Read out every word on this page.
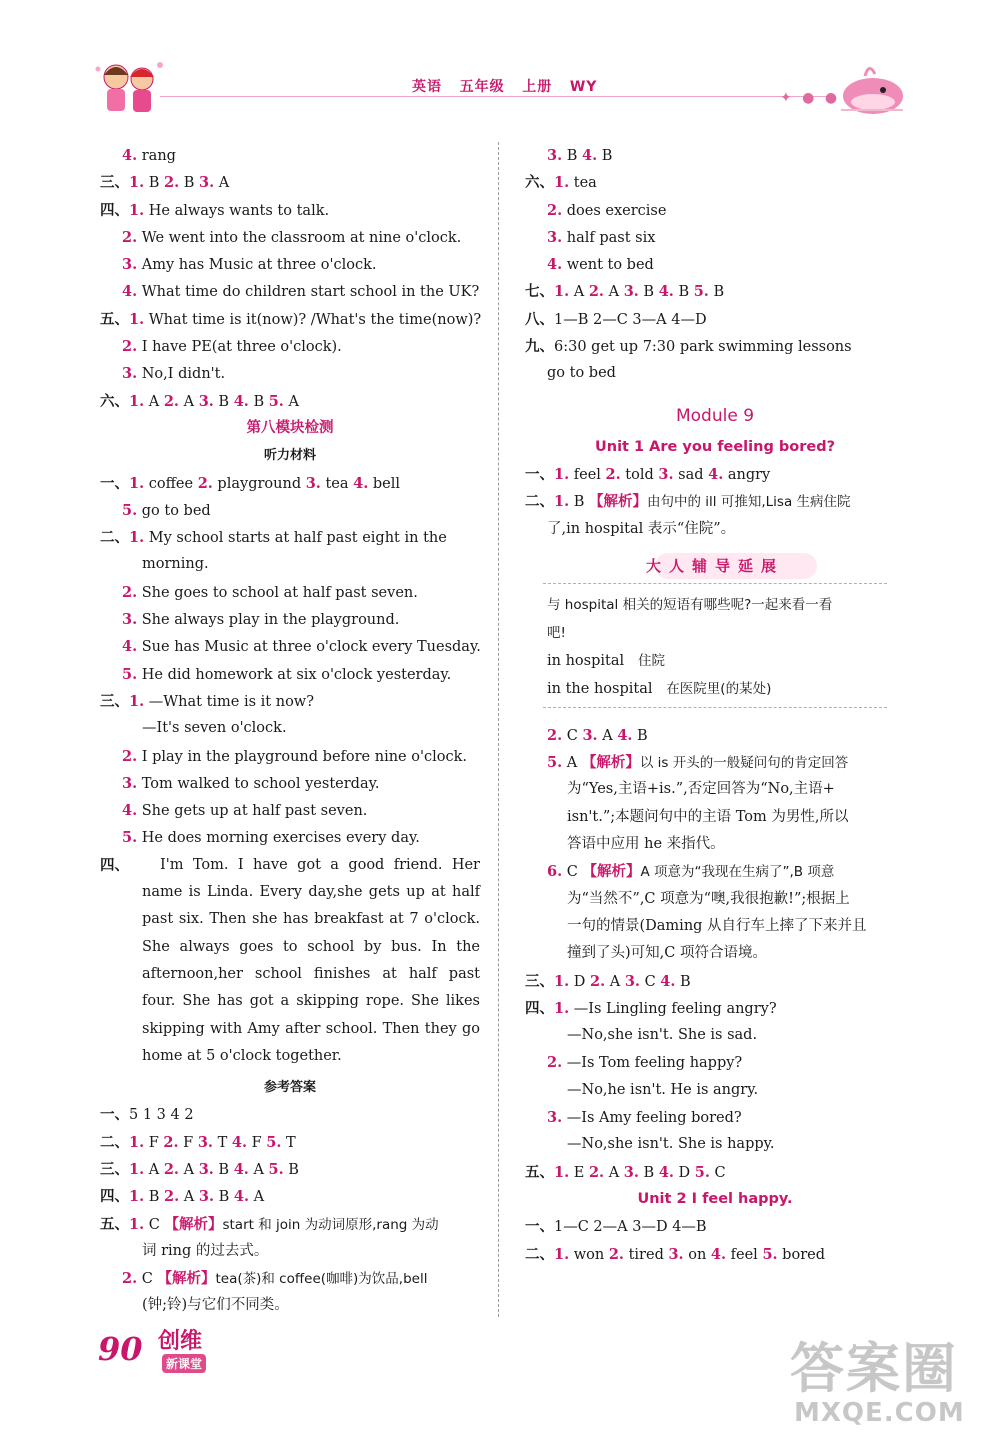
英语   五年级   上册   WY
✦ ● ●
4. rang
三、1. B 2. B 3. A
四、1. He always wants to talk.
2. We went into the classroom at nine o'clock.
3. Amy has Music at three o'clock.
4. What time do children start school in the UK?
五、1. What time is it(now)? /What's the time(now)?
2. I have PE(at three o'clock).
3. No,I didn't.
六、1. A 2. A 3. B 4. B 5. A
第八模块检测
听力材料
一、1. coffee 2. playground 3. tea 4. bell
5. go to bed
二、1. My school starts at half past eight in the
morning.
2. She goes to school at half past seven.
3. She always play in the playground.
4. Sue has Music at three o'clock every Tuesday.
5. He did homework at six o'clock yesterday.
三、1. —What time is it now?
—It's seven o'clock.
2. I play in the playground before nine o'clock.
3. Tom walked to school yesterday.
4. She gets up at half past seven.
5. He does morning exercises every day.
四、	I'm Tom. I have got a good friend. Her name is Linda. Every day,she gets up at half past six. Then she has breakfast at 7 o'clock. She always goes to school by bus. In the afternoon,her school finishes at half past four. She has got a skipping rope. She likes skipping with Amy after school. Then they go home at 5 o'clock together.
参考答案
一、5 1 3 4 2
二、1. F 2. F 3. T 4. F 5. T
三、1. A 2. A 3. B 4. A 5. B
四、1. B 2. A 3. B 4. A
五、1. C 【解析】start 和 join 为动词原形,rang 为动
词 ring 的过去式。
2. C 【解析】tea(茶)和 coffee(咖啡)为饮品,bell
(钟;铃)与它们不同类。
3. B 4. B
六、1. tea
2. does exercise
3. half past six
4. went to bed
七、1. A 2. A 3. B 4. B 5. B
八、1—B 2—C 3—A 4—D
九、6:30 get up 7:30 park swimming lessons
go to bed
Module 9
Unit 1 Are you feeling bored?
一、1. feel 2. told 3. sad 4. angry
二、1. B 【解析】由句中的 ill 可推知,Lisa 生病住院
了,in hospital 表示“住院”。
大人辅导延展
与 hospital 相关的短语有哪些呢?一起来看一看
吧!
in hospital 住院
in the hospital 在医院里(的某处)
2. C 3. A 4. B
5. A 【解析】以 is 开头的一般疑问句的肯定回答
为“Yes,主语+is.”,否定回答为“No,主语+
isn't.”;本题问句中的主语 Tom 为男性,所以
答语中应用 he 来指代。
6. C 【解析】A 项意为“我现在生病了”,B 项意
为“当然不”,C 项意为“噢,我很抱歉!”;根据上
一句的情景(Daming 从自行车上摔了下来并且
撞到了头)可知,C 项符合语境。
三、1. D 2. A 3. C 4. B
四、1. —Is Lingling feeling angry?
—No,she isn't. She is sad.
2. —Is Tom feeling happy?
—No,he isn't. He is angry.
3. —Is Amy feeling bored?
—No,she isn't. She is happy.
五、1. E 2. A 3. B 4. D 5. C
Unit 2 I feel happy.
一、1—C 2—A 3—D 4—B
二、1. won 2. tired 3. on 4. feel 5. bored
90 创维
新课堂	答案圈
MXQE.COM
